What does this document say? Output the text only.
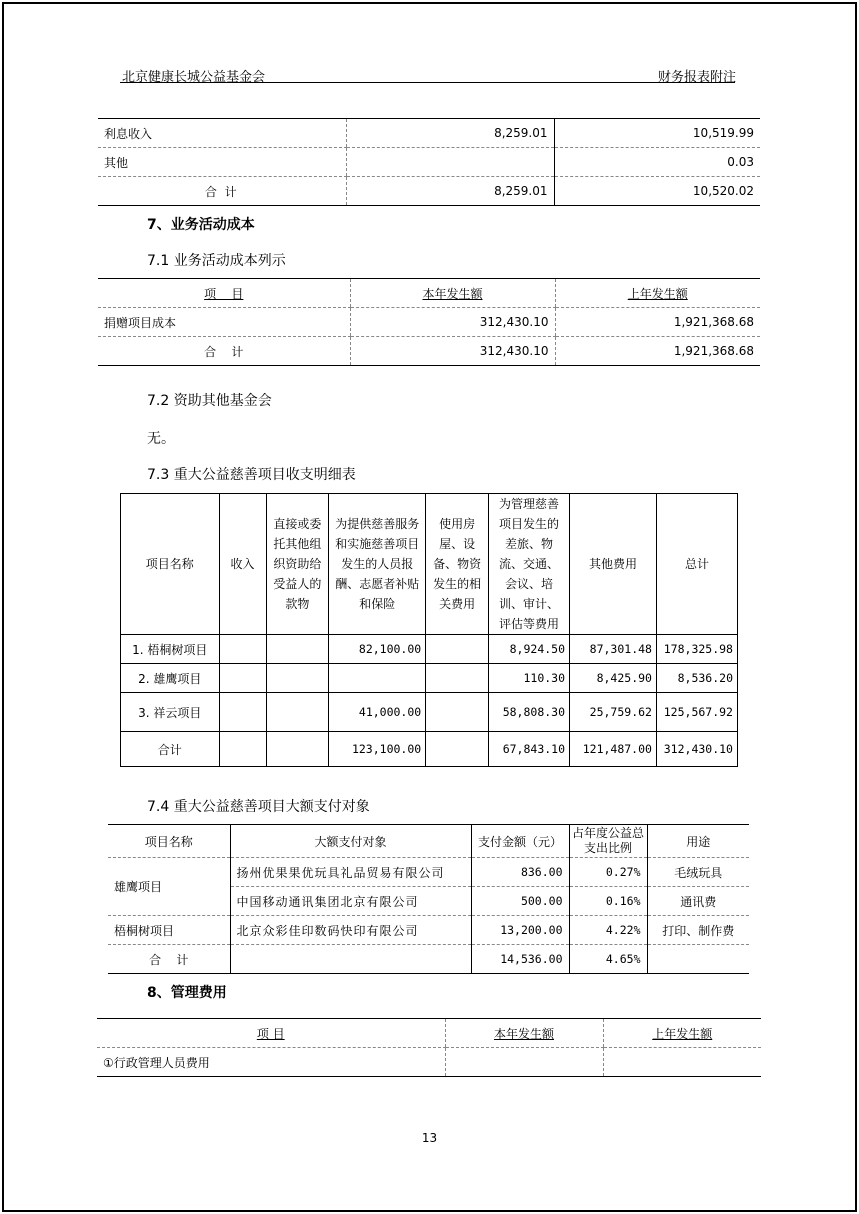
北京健康长城公益基金会	财务报表附注
利息收入	8,259.01	10,519.99
其他		0.03
合 计	8,259.01	10,520.02
7、业务活动成本
7.1 业务活动成本列示
项    目	本年发生额	上年发生额
捐赠项目成本	312,430.10	1,921,368.68
合    计	312,430.10	1,921,368.68
7.2 资助其他基金会
无。
7.3 重大公益慈善项目收支明细表
项目名称	收入	直接或委托其他组织资助给受益人的款物	为提供慈善服务和实施慈善项目发生的人员报酬、志愿者补贴和保险	使用房屋、设备、物资发生的相关费用	为管理慈善项目发生的差旅、物流、交通、会议、培训、审计、评估等费用	其他费用	总计
1. 梧桐树项目			82,100.00		8,924.50	87,301.48	178,325.98
2. 雄鹰项目					110.30	8,425.90	8,536.20
3. 祥云项目			41,000.00		58,808.30	25,759.62	125,567.92
合计			123,100.00		67,843.10	121,487.00	312,430.10
7.4 重大公益慈善项目大额支付对象
项目名称	大额支付对象	支付金额（元）	占年度公益总支出比例	用途
雄鹰项目	扬州优果果优玩具礼品贸易有限公司	836.00	0.27%	毛绒玩具
	中国移动通讯集团北京有限公司	500.00	0.16%	通讯费
梧桐树项目	北京众彩佳印数码快印有限公司	13,200.00	4.22%	打印、制作费
合    计		14,536.00	4.65%	
8、管理费用
项 目	本年发生额	上年发生额
①行政管理人员费用		
13
